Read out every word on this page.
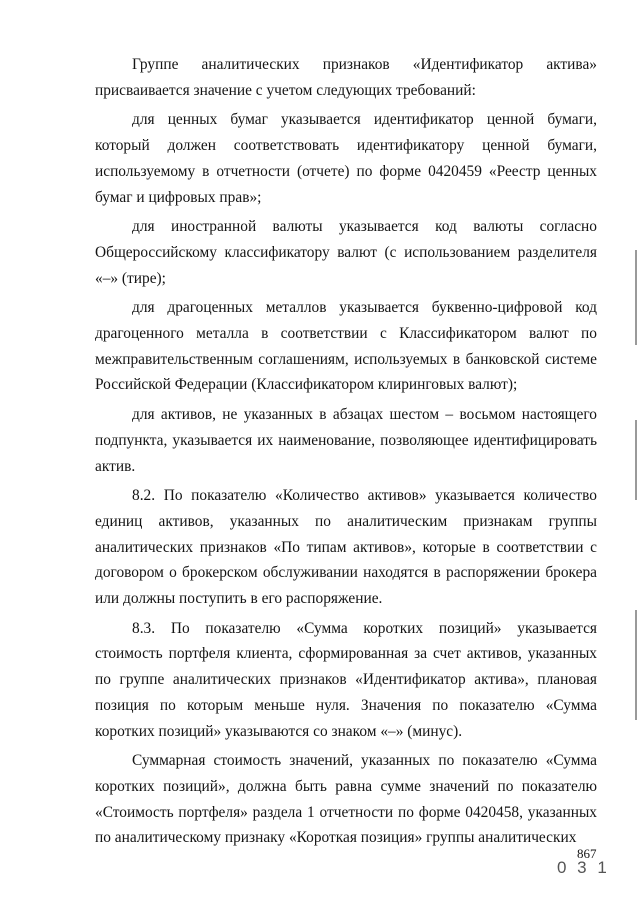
Группе аналитических признаков «Идентификатор актива» присваивается значение с учетом следующих требований:

для ценных бумаг указывается идентификатор ценной бумаги, который должен соответствовать идентификатору ценной бумаги, используемому в отчетности (отчете) по форме 0420459 «Реестр ценных бумаг и цифровых прав»;

для иностранной валюты указывается код валюты согласно Общероссийскому классификатору валют (с использованием разделителя «–» (тире);

для драгоценных металлов указывается буквенно-цифровой код драгоценного металла в соответствии с Классификатором валют по межправительственным соглашениям, используемых в банковской системе Российской Федерации (Классификатором клиринговых валют);

для активов, не указанных в абзацах шестом – восьмом настоящего подпункта, указывается их наименование, позволяющее идентифицировать актив.

8.2. По показателю «Количество активов» указывается количество единиц активов, указанных по аналитическим признакам группы аналитических признаков «По типам активов», которые в соответствии с договором о брокерском обслуживании находятся в распоряжении брокера или должны поступить в его распоряжение.

8.3. По показателю «Сумма коротких позиций» указывается стоимость портфеля клиента, сформированная за счет активов, указанных по группе аналитических признаков «Идентификатор актива», плановая позиция по которым меньше нуля. Значения по показателю «Сумма коротких позиций» указываются со знаком «–» (минус).

Суммарная стоимость значений, указанных по показателю «Сумма коротких позиций», должна быть равна сумме значений по показателю «Стоимость портфеля» раздела 1 отчетности по форме 0420458, указанных по аналитическому признаку «Короткая позиция» группы аналитических

867
0 3 1
